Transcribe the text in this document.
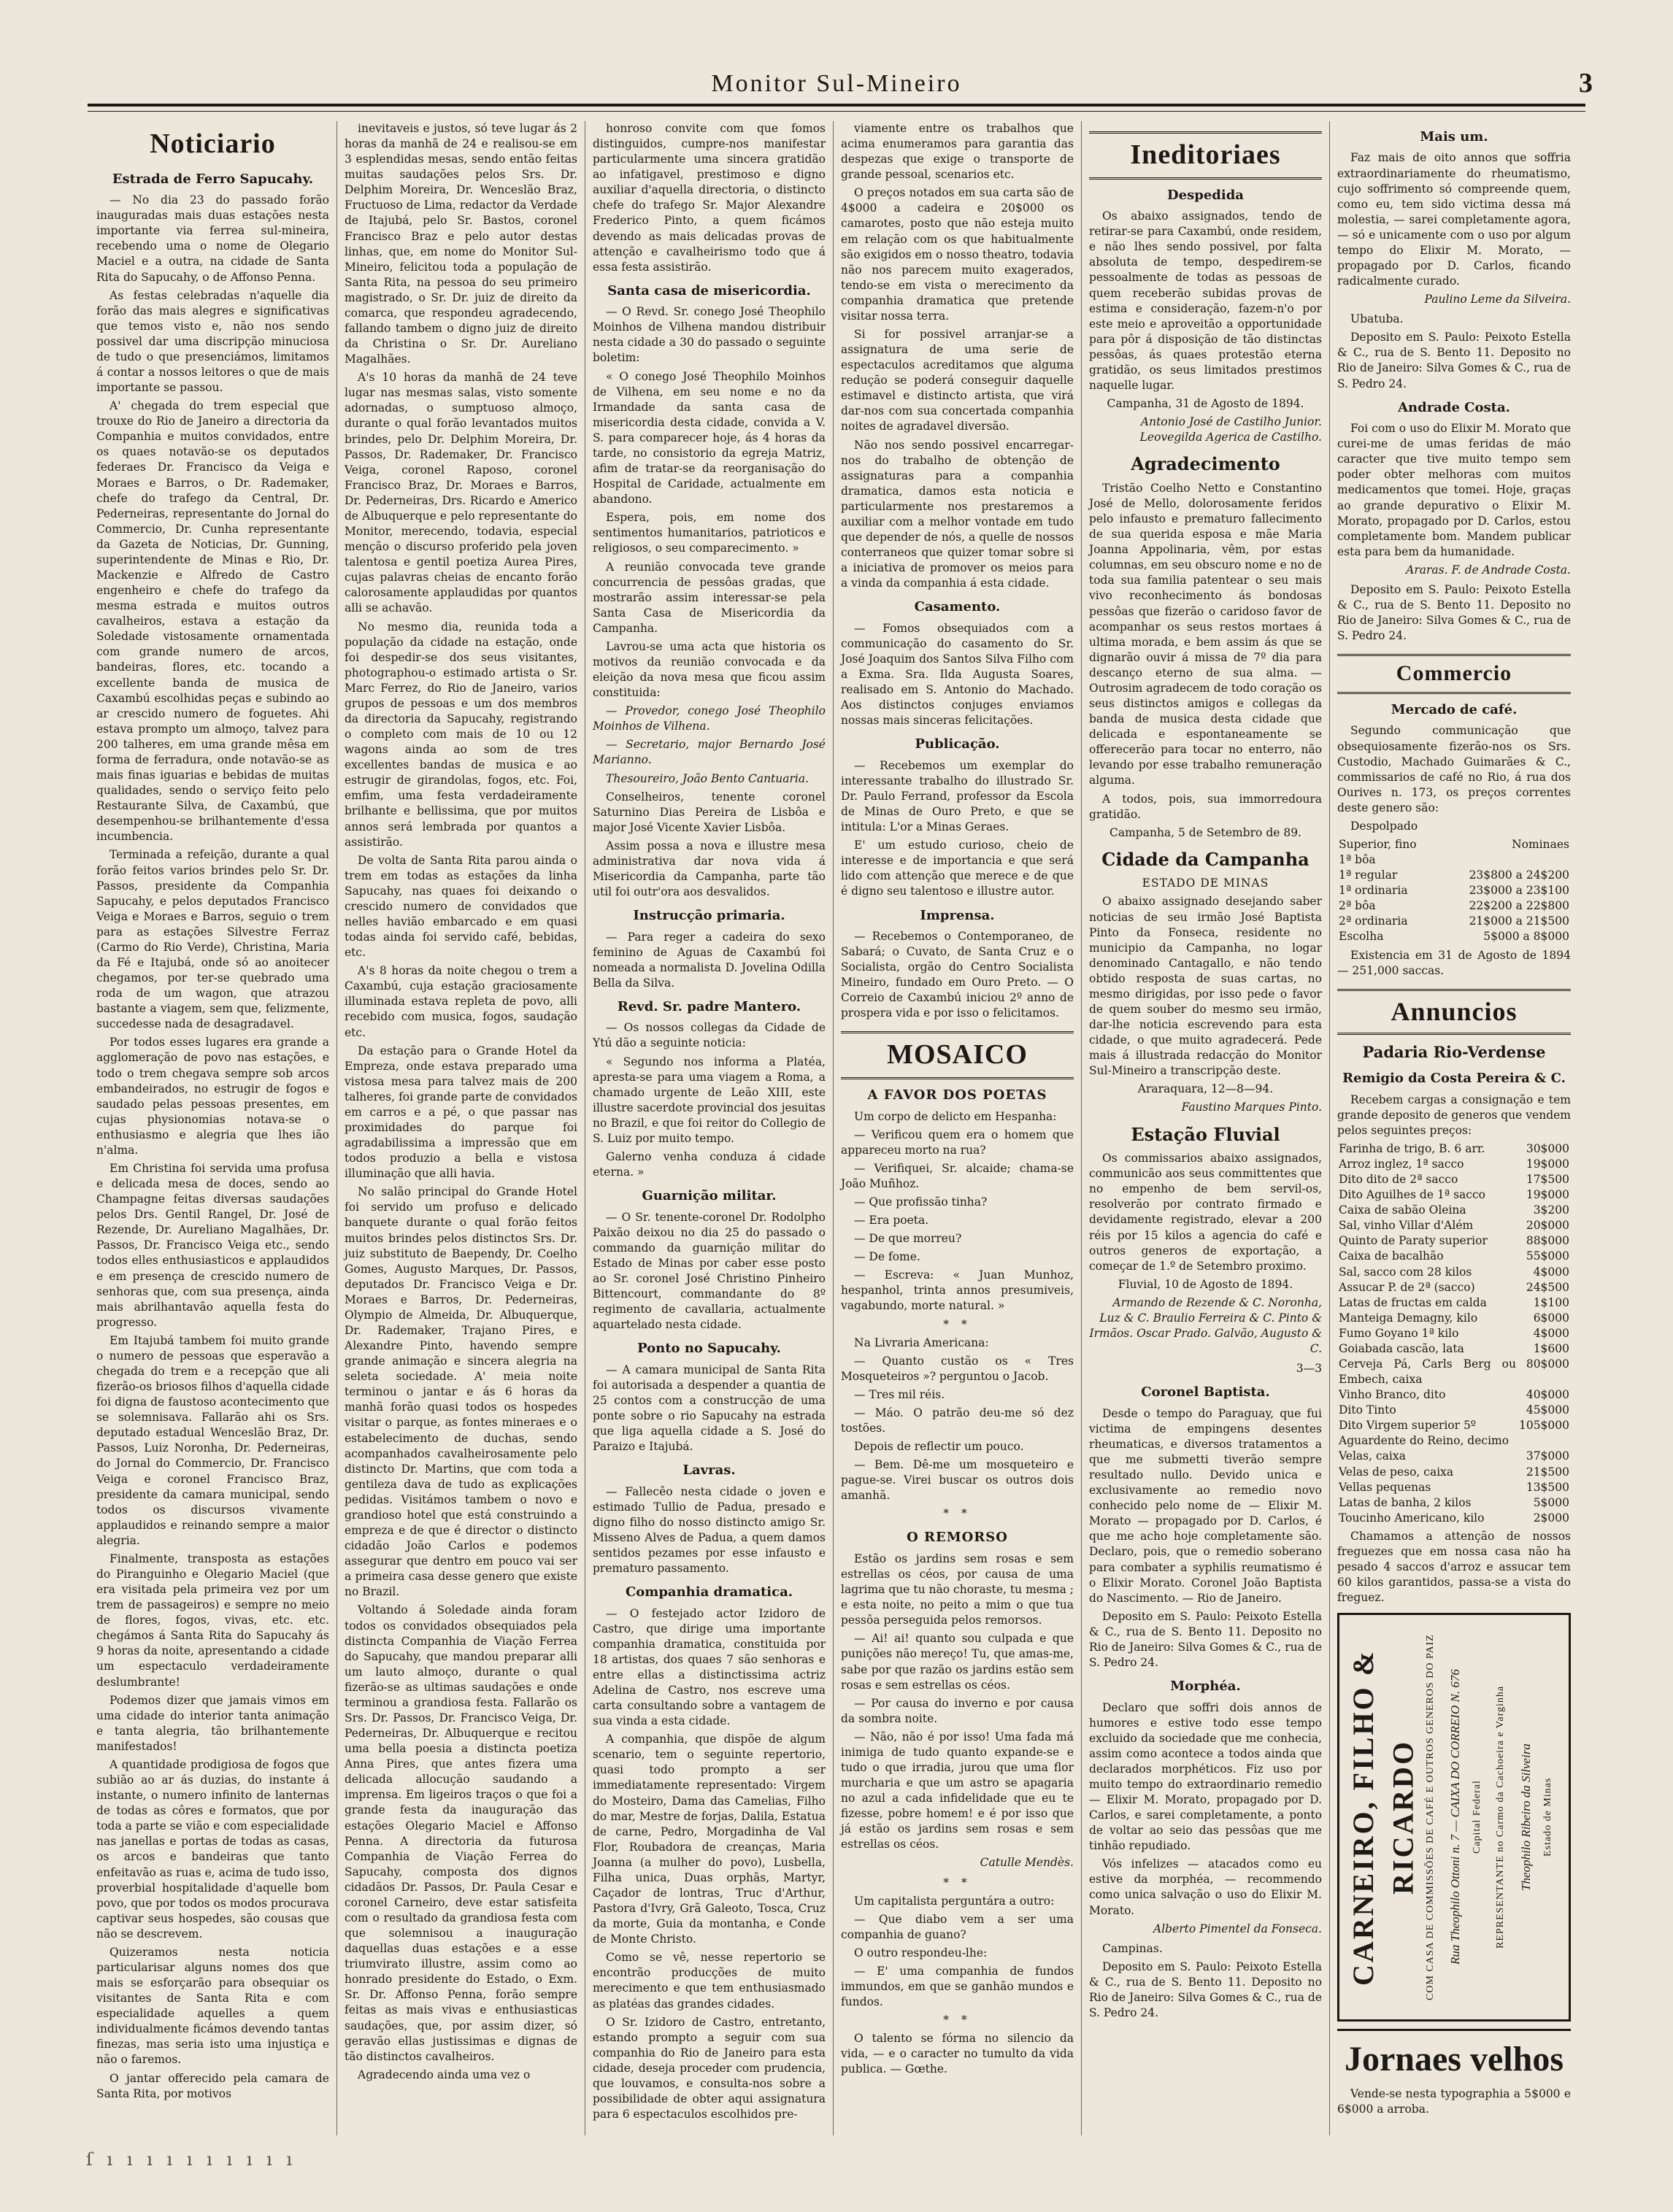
Monitor Sul-Mineiro	3
Noticiario
Estrada de Ferro Sapucahy.

— No dia 23 do passado forão inauguradas mais duas estações nesta importante via ferrea sul-mineira, recebendo uma o nome de Olegario Maciel e a outra, na cidade de Santa Rita do Sapucahy, o de Affonso Penna.

As festas celebradas n'aquelle dia forão das mais alegres e significativas que temos visto e, não nos sendo possivel dar uma discripção minuciosa de tudo o que presenciámos, limitamos á contar a nossos leitores o que de mais importante se passou.

A' chegada do trem especial que trouxe do Rio de Janeiro a directoria da Companhia e muitos convidados, entre os quaes notavão-se os deputados federaes Dr. Francisco da Veiga e Moraes e Barros, o Dr. Rademaker, chefe do trafego da Central, Dr. Pederneiras, representante do Jornal do Commercio, Dr. Cunha representante da Gazeta de Noticias, Dr. Gunning, superintendente de Minas e Rio, Dr. Mackenzie e Alfredo de Castro engenheiro e chefe do trafego da mesma estrada e muitos outros cavalheiros, estava a estação da Soledade vistosamente ornamentada com grande numero de arcos, bandeiras, flores, etc. tocando a excellente banda de musica de Caxambú escolhidas peças e subindo ao ar crescido numero de foguetes. Ahi estava prompto um almoço, talvez para 200 talheres, em uma grande mêsa em forma de ferradura, onde notavão-se as mais finas iguarias e bebidas de muitas qualidades, sendo o serviço feito pelo Restaurante Silva, de Caxambú, que desempenhou-se brilhantemente d'essa incumbencia.

Terminada a refeição, durante a qual forão feitos varios brindes pelo Sr. Dr. Passos, presidente da Companhia Sapucahy, e pelos deputados Francisco Veiga e Moraes e Barros, seguio o trem para as estações Silvestre Ferraz (Carmo do Rio Verde), Christina, Maria da Fé e Itajubá, onde só ao anoitecer chegamos, por ter-se quebrado uma roda de um wagon, que atrazou bastante a viagem, sem que, felizmente, succedesse nada de desagradavel.

Por todos esses lugares era grande a agglomeração de povo nas estações, e todo o trem chegava sempre sob arcos embandeirados, no estrugir de fogos e saudado pelas pessoas presentes, em cujas physionomias notava-se o enthusiasmo e alegria que lhes ião n'alma.

Em Christina foi servida uma profusa e delicada mesa de doces, sendo ao Champagne feitas diversas saudações pelos Drs. Gentil Rangel, Dr. José de Rezende, Dr. Aureliano Magalhães, Dr. Passos, Dr. Francisco Veiga etc., sendo todos elles enthusiasticos e applaudidos e em presença de crescido numero de senhoras que, com sua presença, ainda mais abrilhantavão aquella festa do progresso.

Em Itajubá tambem foi muito grande o numero de pessoas que esperavão a chegada do trem e a recepção que ali fizerão-os briosos filhos d'aquella cidade foi digna de faustoso acontecimento que se solemnisava. Fallarão ahi os Srs. deputado estadual Wenceslão Braz, Dr. Passos, Luiz Noronha, Dr. Pederneiras, do Jornal do Commercio, Dr. Francisco Veiga e coronel Francisco Braz, presidente da camara municipal, sendo todos os discursos vivamente applaudidos e reinando sempre a maior alegria.

Finalmente, transposta as estações do Piranguinho e Olegario Maciel (que era visitada pela primeira vez por um trem de passageiros) e sempre no meio de flores, fogos, vivas, etc. etc. chegámos á Santa Rita do Sapucahy ás 9 horas da noite, apresentando a cidade um espectaculo verdadeiramente deslumbrante!

Podemos dizer que jamais vimos em uma cidade do interior tanta animação e tanta alegria, tão brilhantemente manifestados!

A quantidade prodigiosa de fogos que subião ao ar ás duzias, do instante á instante, o numero infinito de lanternas de todas as côres e formatos, que por toda a parte se vião e com especialidade nas janellas e portas de todas as casas, os arcos e bandeiras que tanto enfeitavão as ruas e, acima de tudo isso, proverbial hospitalidade d'aquelle bom povo, que por todos os modos procurava captivar seus hospedes, são cousas que não se descrevem.

Quizeramos nesta noticia particularisar alguns nomes dos que mais se esforçarão para obsequiar os visitantes de Santa Rita e com especialidade aquelles a quem individualmente ficámos devendo tantas finezas, mas seria isto uma injustiça e não o faremos.

O jantar offerecido pela camara de Santa Rita, por motivos

inevitaveis e justos, só teve lugar ás 2 horas da manhã de 24 e realisou-se em 3 esplendidas mesas, sendo então feitas muitas saudações pelos Srs. Dr. Delphim Moreira, Dr. Wenceslão Braz, Fructuoso de Lima, redactor da Verdade de Itajubá, pelo Sr. Bastos, coronel Francisco Braz e pelo autor destas linhas, que, em nome do Monitor Sul-Mineiro, felicitou toda a população de Santa Rita, na pessoa do seu primeiro magistrado, o Sr. Dr. juiz de direito da comarca, que respondeu agradecendo, fallando tambem o digno juiz de direito da Christina o Sr. Dr. Aureliano Magalhães.

A's 10 horas da manhã de 24 teve lugar nas mesmas salas, visto somente adornadas, o sumptuoso almoço, durante o qual forão levantados muitos brindes, pelo Dr. Delphim Moreira, Dr. Passos, Dr. Rademaker, Dr. Francisco Veiga, coronel Raposo, coronel Francisco Braz, Dr. Moraes e Barros, Dr. Pederneiras, Drs. Ricardo e Americo de Albuquerque e pelo representante do Monitor, merecendo, todavia, especial menção o discurso proferido pela joven talentosa e gentil poetiza Aurea Pires, cujas palavras cheias de encanto forão calorosamente applaudidas por quantos alli se achavão.

No mesmo dia, reunida toda a população da cidade na estação, onde foi despedir-se dos seus visitantes, photographou-o estimado artista o Sr. Marc Ferrez, do Rio de Janeiro, varios grupos de pessoas e um dos membros da directoria da Sapucahy, registrando o completo com mais de 10 ou 12 wagons ainda ao som de tres excellentes bandas de musica e ao estrugir de girandolas, fogos, etc. Foi, emfim, uma festa verdadeiramente brilhante e bellissima, que por muitos annos será lembrada por quantos a assistirão.

De volta de Santa Rita parou ainda o trem em todas as estações da linha Sapucahy, nas quaes foi deixando o crescido numero de convidados que nelles havião embarcado e em quasi todas ainda foi servido café, bebidas, etc.

A's 8 horas da noite chegou o trem a Caxambú, cuja estação graciosamente illuminada estava repleta de povo, alli recebido com musica, fogos, saudação etc.

Da estação para o Grande Hotel da Empreza, onde estava preparado uma vistosa mesa para talvez mais de 200 talheres, foi grande parte de convidados em carros e a pé, o que passar nas proximidades do parque foi agradabilissima a impressão que em todos produzio a bella e vistosa illuminação que alli havia.

No salão principal do Grande Hotel foi servido um profuso e delicado banquete durante o qual forão feitos muitos brindes pelos distinctos Srs. Dr. juiz substituto de Baependy, Dr. Coelho Gomes, Augusto Marques, Dr. Passos, deputados Dr. Francisco Veiga e Dr. Moraes e Barros, Dr. Pederneiras, Olympio de Almeida, Dr. Albuquerque, Dr. Rademaker, Trajano Pires, e Alexandre Pinto, havendo sempre grande animação e sincera alegria na seleta sociedade. A' meia noite terminou o jantar e ás 6 horas da manhã forão quasi todos os hospedes visitar o parque, as fontes mineraes e o estabelecimento de duchas, sendo acompanhados cavalheirosamente pelo distincto Dr. Martins, que com toda a gentileza dava de tudo as explicações pedidas. Visitámos tambem o novo e grandioso hotel que está construindo a empreza e de que é director o distincto cidadão João Carlos e podemos assegurar que dentro em pouco vai ser a primeira casa desse genero que existe no Brazil.

Voltando á Soledade ainda foram todos os convidados obsequiados pela distincta Companhia de Viação Ferrea do Sapucahy, que mandou preparar alli um lauto almoço, durante o qual fizerão-se as ultimas saudações e onde terminou a grandiosa festa. Fallarão os Srs. Dr. Passos, Dr. Francisco Veiga, Dr. Pederneiras, Dr. Albuquerque e recitou uma bella poesia a distincta poetiza Anna Pires, que antes fizera uma delicada allocução saudando a imprensa. Em ligeiros traços o que foi a grande festa da inauguração das estações Olegario Maciel e Affonso Penna. A directoria da futurosa Companhia de Viação Ferrea do Sapucahy, composta dos dignos cidadãos Dr. Passos, Dr. Paula Cesar e coronel Carneiro, deve estar satisfeita com o resultado da grandiosa festa com que solemnisou a inauguração daquellas duas estações e a esse triumvirato illustre, assim como ao honrado presidente do Estado, o Exm. Sr. Dr. Affonso Penna, forão sempre feitas as mais vivas e enthusiasticas saudações, que, por assim dizer, só geravão ellas justissimas e dignas de tão distinctos cavalheiros.

Agradecendo ainda uma vez o

honroso convite com que fomos distinguidos, cumpre-nos manifestar particularmente uma sincera gratidão ao infatigavel, prestimoso e digno auxiliar d'aquella directoria, o distincto chefe do trafego Sr. Major Alexandre Frederico Pinto, a quem ficámos devendo as mais delicadas provas de attenção e cavalheirismo todo que á essa festa assistirão.

Santa casa de misericordia.

— O Revd. Sr. conego José Theophilo Moinhos de Vilhena mandou distribuir nesta cidade a 30 do passado o seguinte boletim:

« O conego José Theophilo Moinhos de Vilhena, em seu nome e no da Irmandade da santa casa de misericordia desta cidade, convida a V. S. para comparecer hoje, ás 4 horas da tarde, no consistorio da egreja Matriz, afim de tratar-se da reorganisação do Hospital de Caridade, actualmente em abandono.

Espera, pois, em nome dos sentimentos humanitarios, patrioticos e religiosos, o seu comparecimento. »

A reunião convocada teve grande concurrencia de pessôas gradas, que mostrarão assim interessar-se pela Santa Casa de Misericordia da Campanha.

Lavrou-se uma acta que historia os motivos da reunião convocada e da eleição da nova mesa que ficou assim constituida:

— Provedor, conego José Theophilo Moinhos de Vilhena.

— Secretario, major Bernardo José Marianno.

Thesoureiro, João Bento Cantuaria.

Conselheiros, tenente coronel Saturnino Dias Pereira de Lisbôa e major José Vicente Xavier Lisbôa.

Assim possa a nova e illustre mesa administrativa dar nova vida á Misericordia da Campanha, parte tão util foi outr'ora aos desvalidos.

Instrucção primaria.

— Para reger a cadeira do sexo feminino de Aguas de Caxambú foi nomeada a normalista D. Jovelina Odilla Bella da Silva.

Revd. Sr. padre Mantero.

— Os nossos collegas da Cidade de Ytú dão a seguinte noticia:

« Segundo nos informa a Platéa, apresta-se para uma viagem a Roma, a chamado urgente de Leão XIII, este illustre sacerdote provincial dos jesuitas no Brazil, e que foi reitor do Collegio de S. Luiz por muito tempo.

Galerno venha conduza á cidade eterna. »

Guarnição militar.

— O Sr. tenente-coronel Dr. Rodolpho Paixão deixou no dia 25 do passado o commando da guarnição militar do Estado de Minas por caber esse posto ao Sr. coronel José Christino Pinheiro Bittencourt, commandante do 8º regimento de cavallaria, actualmente aquartelado nesta cidade.

Ponto no Sapucahy.

— A camara municipal de Santa Rita foi autorisada a despender a quantia de 25 contos com a construcção de uma ponte sobre o rio Sapucahy na estrada que liga aquella cidade a S. José do Paraizo e Itajubá.

Lavras.

— Fallecêo nesta cidade o joven e estimado Tullio de Padua, presado e digno filho do nosso distincto amigo Sr. Misseno Alves de Padua, a quem damos sentidos pezames por esse infausto e prematuro passamento.

Companhia dramatica.

— O festejado actor Izidoro de Castro, que dirige uma importante companhia dramatica, constituida por 18 artistas, dos quaes 7 são senhoras e entre ellas a distinctissima actriz Adelina de Castro, nos escreve uma carta consultando sobre a vantagem de sua vinda a esta cidade.

A companhia, que dispõe de algum scenario, tem o seguinte repertorio, quasi todo prompto a ser immediatamente representado: Virgem do Mosteiro, Dama das Camelias, Filho do mar, Mestre de forjas, Dalila, Estatua de carne, Pedro, Morgadinha de Val Flor, Roubadora de creanças, Maria Joanna (a mulher do povo), Lusbella, Filha unica, Duas orphãs, Martyr, Caçador de lontras, Truc d'Arthur, Pastora d'Ivry, Grã Galeoto, Tosca, Cruz da morte, Guia da montanha, e Conde de Monte Christo.

Como se vê, nesse repertorio se encontrão producções de muito merecimento e que tem enthusiasmado as platéas das grandes cidades.

O Sr. Izidoro de Castro, entretanto, estando prompto a seguir com sua companhia do Rio de Janeiro para esta cidade, deseja proceder com prudencia, que louvamos, e consulta-nos sobre a possibilidade de obter aqui assignatura para 6 espectaculos escolhidos pre-

viamente entre os trabalhos que acima enumeramos para garantia das despezas que exige o transporte de grande pessoal, scenarios etc.

O preços notados em sua carta são de 4$000 a cadeira e 20$000 os camarotes, posto que não esteja muito em relação com os que habitualmente são exigidos em o nosso theatro, todavia não nos parecem muito exagerados, tendo-se em vista o merecimento da companhia dramatica que pretende visitar nossa terra.

Si for possivel arranjar-se a assignatura de uma serie de espectaculos acreditamos que alguma redução se poderá conseguir daquelle estimavel e distincto artista, que virá dar-nos com sua concertada companhia noites de agradavel diversão.

Não nos sendo possivel encarregar-nos do trabalho de obtenção de assignaturas para a companhia dramatica, damos esta noticia e particularmente nos prestaremos a auxiliar com a melhor vontade em tudo que depender de nós, a quelle de nossos conterraneos que quizer tomar sobre si a iniciativa de promover os meios para a vinda da companhia á esta cidade.

Casamento.

— Fomos obsequiados com a communicação do casamento do Sr. José Joaquim dos Santos Silva Filho com a Exma. Sra. Ilda Augusta Soares, realisado em S. Antonio do Machado. Aos distinctos conjuges enviamos nossas mais sinceras felicitações.

Publicação.

— Recebemos um exemplar do interessante trabalho do illustrado Sr. Dr. Paulo Ferrand, professor da Escola de Minas de Ouro Preto, e que se intitula: L'or a Minas Geraes.

E' um estudo curioso, cheio de interesse e de importancia e que será lido com attenção que merece e de que é digno seu talentoso e illustre autor.

Imprensa.

— Recebemos o Contemporaneo, de Sabará; o Cuvato, de Santa Cruz e o Socialista, orgão do Centro Socialista Mineiro, fundado em Ouro Preto. — O Correio de Caxambú iniciou 2º anno de prospera vida e por isso o felicitamos.

MOSAICO
A FAVOR DOS POETAS

Um corpo de delicto em Hespanha:

— Verificou quem era o homem que appareceu morto na rua?

— Verifiquei, Sr. alcaide; chama-se João Muñhoz.

— Que profissão tinha?

— Era poeta.

— De que morreu?

— De fome.

— Escreva: « Juan Munhoz, hespanhol, trinta annos presumiveis, vagabundo, morte natural. »

* *

Na Livraria Americana:

— Quanto custão os « Tres Mosqueteiros »? perguntou o Jacob.

— Tres mil réis.

— Máo. O patrão deu-me só dez tostões.

Depois de reflectir um pouco.

— Bem. Dê-me um mosqueteiro e pague-se. Virei buscar os outros dois amanhã.

* *
O REMORSO

Estão os jardins sem rosas e sem estrellas os céos, por causa de uma lagrima que tu não choraste, tu mesma ; e esta noite, no peito a mim o que tua pessôa perseguida pelos remorsos.

— Ai! ai! quanto sou culpada e que punições não mereço! Tu, que amas-me, sabe por que razão os jardins estão sem rosas e sem estrellas os céos.

— Por causa do inverno e por causa da sombra noite.

— Não, não é por isso! Uma fada má inimiga de tudo quanto expande-se e tudo o que irradia, jurou que uma flor murcharia e que um astro se apagaria no azul a cada infidelidade que eu te fizesse, pobre homem! e é por isso que já estão os jardins sem rosas e sem estrellas os céos.

Catulle Mendès.
* *

Um capitalista perguntára a outro:

— Que diabo vem a ser uma companhia de guano?

O outro respondeu-lhe:

— E' uma companhia de fundos immundos, em que se ganhão mundos e fundos.

* *

O talento se fórma no silencio da vida, — e o caracter no tumulto da vida publica. — Gœthe.

Ineditoriaes
Despedida

Os abaixo assignados, tendo de retirar-se para Caxambú, onde residem, e não lhes sendo possivel, por falta absoluta de tempo, despedirem-se pessoalmente de todas as pessoas de quem receberão subidas provas de estima e consideração, fazem-n'o por este meio e aproveitão a opportunidade para pôr á disposição de tão distinctas pessôas, ás quaes protestão eterna gratidão, os seus limitados prestimos naquelle lugar.

Campanha, 31 de Agosto de 1894.

Antonio José de Castilho Junior. Leovegilda Agerica de Castilho.
Agradecimento

Tristão Coelho Netto e Constantino José de Mello, dolorosamente feridos pelo infausto e prematuro fallecimento de sua querida esposa e mãe Maria Joanna Appolinaria, vêm, por estas columnas, em seu obscuro nome e no de toda sua familia patentear o seu mais vivo reconhecimento ás bondosas pessôas que fizerão o caridoso favor de acompanhar os seus restos mortaes á ultima morada, e bem assim ás que se dignarão ouvir á missa de 7º dia para descanço eterno de sua alma. — Outrosim agradecem de todo coração os seus distinctos amigos e collegas da banda de musica desta cidade que delicada e espontaneamente se offerecerão para tocar no enterro, não levando por esse trabalho remuneração alguma.

A todos, pois, sua immorredoura gratidão.

Campanha, 5 de Setembro de 89.

Cidade da Campanha

ESTADO DE MINAS

O abaixo assignado desejando saber noticias de seu irmão José Baptista Pinto da Fonseca, residente no municipio da Campanha, no logar denominado Cantagallo, e não tendo obtido resposta de suas cartas, no mesmo dirigidas, por isso pede o favor de quem souber do mesmo seu irmão, dar-lhe noticia escrevendo para esta cidade, o que muito agradecerá. Pede mais á illustrada redacção do Monitor Sul-Mineiro a transcripção deste.

Araraquara, 12—8—94.

Faustino Marques Pinto.
Estação Fluvial

Os commissarios abaixo assignados, communicão aos seus committentes que no empenho de bem servil-os, resolverão por contrato firmado e devidamente registrado, elevar a 200 réis por 15 kilos a agencia do café e outros generos de exportação, a começar de 1.º de Setembro proximo.

Fluvial, 10 de Agosto de 1894.

Armando de Rezende & C. Noronha, Luz & C. Braulio Ferreira & C. Pinto & Irmãos. Oscar Prado. Galvão, Augusto & C.
3—3
Coronel Baptista.

Desde o tempo do Paraguay, que fui victima de empingens desentes rheumaticas, e diversos tratamentos a que me submetti tiverão sempre resultado nullo. Devido unica e exclusivamente ao remedio novo conhecido pelo nome de — Elixir M. Morato — propagado por D. Carlos, é que me acho hoje completamente são. Declaro, pois, que o remedio soberano para combater a syphilis reumatismo é o Elixir Morato. Coronel João Baptista do Nascimento. — Rio de Janeiro.

Deposito em S. Paulo: Peixoto Estella & C., rua de S. Bento 11. Deposito no Rio de Janeiro: Silva Gomes & C., rua de S. Pedro 24.

Morphéa.

Declaro que soffri dois annos de humores e estive todo esse tempo excluido da sociedade que me conhecia, assim como acontece a todos ainda que declarados morphéticos. Fiz uso por muito tempo do extraordinario remedio — Elixir M. Morato, propagado por D. Carlos, e sarei completamente, a ponto de voltar ao seio das pessôas que me tinhão repudiado.

Vós infelizes — atacados como eu estive da morphéa, — recommendo como unica salvação o uso do Elixir M. Morato.

Alberto Pimentel da Fonseca.

Campinas.

Deposito em S. Paulo: Peixoto Estella & C., rua de S. Bento 11. Deposito no Rio de Janeiro: Silva Gomes & C., rua de S. Pedro 24.

Mais um.

Faz mais de oito annos que soffria extraordinariamente do rheumatismo, cujo soffrimento só compreende quem, como eu, tem sido victima dessa má molestia, — sarei completamente agora, — só e unicamente com o uso por algum tempo do Elixir M. Morato, — propagado por D. Carlos, ficando radicalmente curado.

Paulino Leme da Silveira.

Ubatuba.

Deposito em S. Paulo: Peixoto Estella & C., rua de S. Bento 11. Deposito no Rio de Janeiro: Silva Gomes & C., rua de S. Pedro 24.

Andrade Costa.

Foi com o uso do Elixir M. Morato que curei-me de umas feridas de máo caracter que tive muito tempo sem poder obter melhoras com muitos medicamentos que tomei. Hoje, graças ao grande depurativo o Elixir M. Morato, propagado por D. Carlos, estou completamente bom. Mandem publicar esta para bem da humanidade.

Araras. F. de Andrade Costa.

Deposito em S. Paulo: Peixoto Estella & C., rua de S. Bento 11. Deposito no Rio de Janeiro: Silva Gomes & C., rua de S. Pedro 24.

Commercio
Mercado de café.

Segundo communicação que obsequiosamente fizerão-nos os Srs. Custodio, Machado Guimarães & C., commissarios de café no Rio, á rua dos Ourives n. 173, os preços correntes deste genero são:

Despolpado

Superior, fino	Nominaes
1ª bôa	
1ª regular	23$800 a 24$200
1ª ordinaria	23$000 a 23$100
2ª bôa	22$200 a 22$800
2ª ordinaria	21$000 a 21$500
Escolha	5$000 a 8$000

Existencia em 31 de Agosto de 1894 — 251,000 saccas.

Annuncios
Padaria Rio-Verdense
Remigio da Costa Pereira & C.

Recebem cargas a consignação e tem grande deposito de generos que vendem pelos seguintes preços:

Farinha de trigo, B. 6 arr.	30$000
Arroz inglez, 1ª sacco	19$000
Dito dito de 2ª sacco	17$500
Dito Aguilhes de 1ª sacco	19$000
Caixa de sabão Oleina	3$200
Sal, vinho Villar d'Além	20$000
Quinto de Paraty superior	88$000
Caixa de bacalhão	55$000
Sal, sacco com 28 kilos	4$000
Assucar P. de 2ª (sacco)	24$500
Latas de fructas em calda	1$100
Manteiga Demagny, kilo	6$000
Fumo Goyano 1ª kilo	4$000
Goiabada cascão, lata	1$600
Cerveja Pá, Carls Berg ou Embech, caixa	80$000
Vinho Branco, dito	40$000
Dito Tinto	45$000
Dito Virgem superior 5º	105$000
Aguardente do Reino, decimo	
Velas, caixa	37$000
Velas de peso, caixa	21$500
Vellas pequenas	13$500
Latas de banha, 2 kilos	5$000
Toucinho Americano, kilo	2$000

Chamamos a attenção de nossos freguezes que em nossa casa não ha pesado 4 saccos d'arroz e assucar tem 60 kilos garantidos, passa-se a vista do freguez.

CARNEIRO, FILHO & RICARDO COM CASA DE COMMISSÕES DE CAFÉ E OUTROS GENEROS DO PAIZ	Rua Theophilo Ottoni n. 7 — CAIXA DO CORREIO N. 676 Capital Federal	REPRESENTANTE no Carmo da Cachoeira e Varginha	Theophilo Ribeiro da Silveira Estado de Minas
Jornaes velhos

Vende-se nesta typographia a 5$000 e 6$000 a arroba.

ſ ı ı ı ı ı ı ı ı ı ı
